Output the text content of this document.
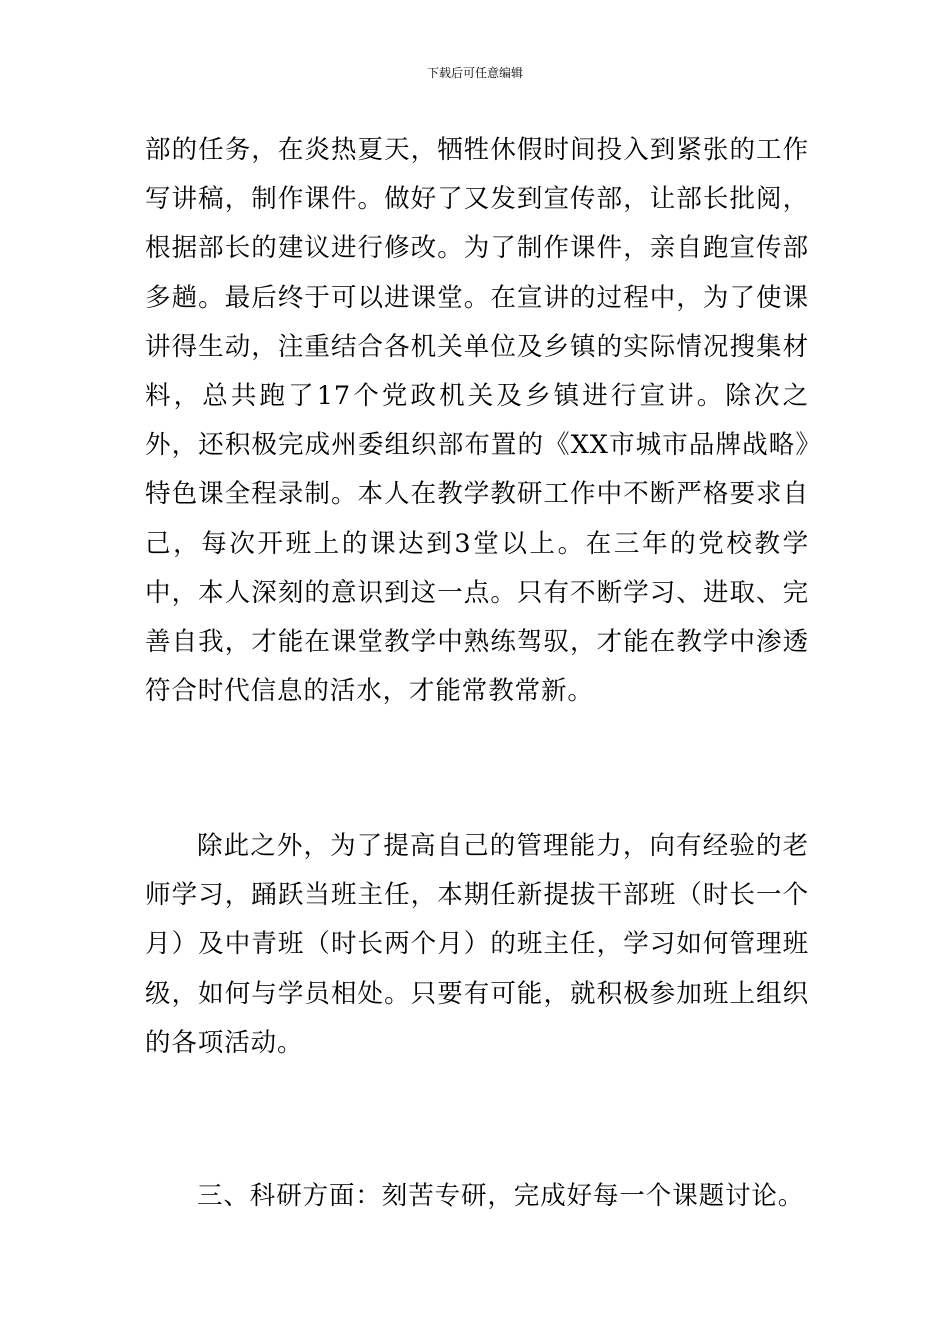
下载后可任意编辑

部的任务，在炎热夏天，牺牲休假时间投入到紧张的工作写讲稿，制作课件。做好了又发到宣传部，让部长批阅，根据部长的建议进行修改。为了制作课件，亲自跑宣传部多趟。最后终于可以进课堂。在宣讲的过程中，为了使课讲得生动，注重结合各机关单位及乡镇的实际情况搜集材料，总共跑了17个党政机关及乡镇进行宣讲。除次之外，还积极完成州委组织部布置的《XX市城市品牌战略》特色课全程录制。本人在教学教研工作中不断严格要求自己，每次开班上的课达到3堂以上。在三年的党校教学中，本人深刻的意识到这一点。只有不断学习、进取、完善自我，才能在课堂教学中熟练驾驭，才能在教学中渗透符合时代信息的活水，才能常教常新。

除此之外，为了提高自己的管理能力，向有经验的老师学习，踊跃当班主任，本期任新提拔干部班（时长一个月）及中青班（时长两个月）的班主任，学习如何管理班级，如何与学员相处。只要有可能，就积极参加班上组织的各项活动。

三、科研方面：刻苦专研，完成好每一个课题讨论。
